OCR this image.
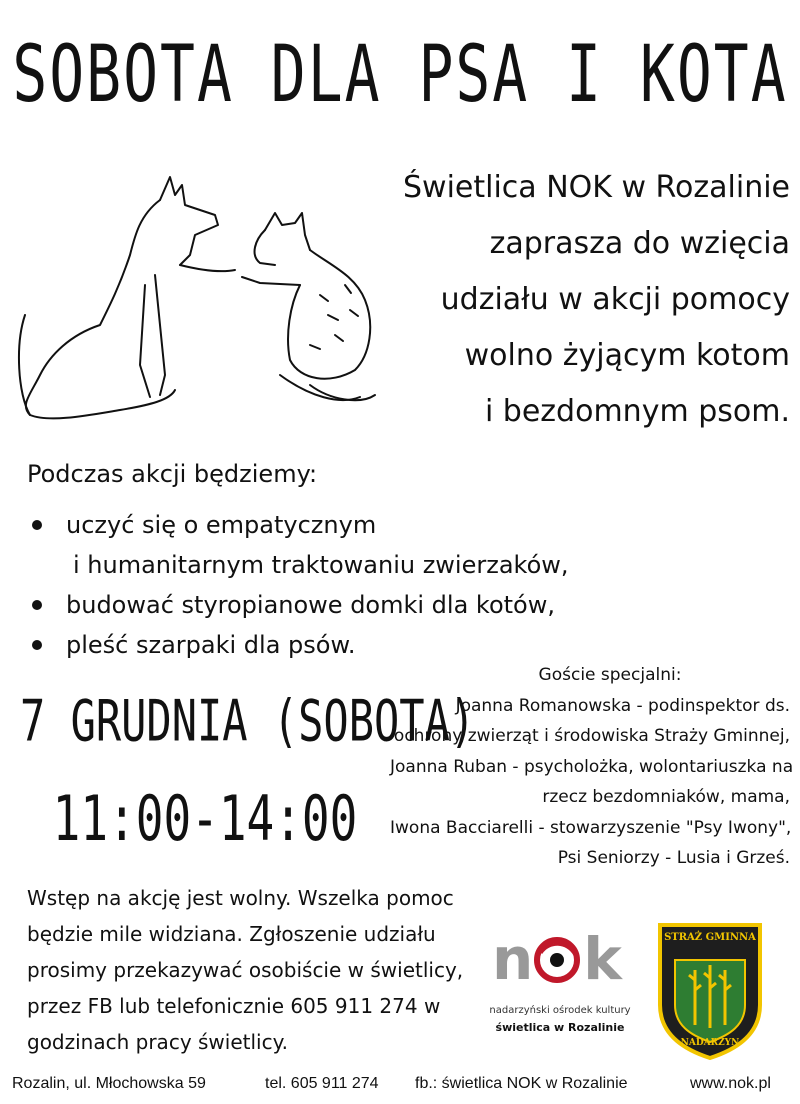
SOBOTA DLA PSA I KOTA
Świetlica NOK w Rozalinie
zaprasza do wzięcia
udziału w akcji pomocy
wolno żyjącym kotom
i bezdomnym psom.
Podczas akcji będziemy:
uczyć się o empatycznym
i humanitarnym traktowaniu zwierzaków,
budować styropianowe domki dla kotów,
pleść szarpaki dla psów.
7 GRUDNIA (SOBOTA)
11:00-14:00
Goście specjalni:
Joanna Romanowska - podinspektor ds.
ochrony zwierząt i środowiska Straży Gminnej,
Joanna Ruban - psycholożka, wolontariuszka na
rzecz bezdomniaków, mama,
Iwona Bacciarelli - stowarzyszenie "Psy Iwony",
Psi Seniorzy - Lusia i Grześ.
Wstęp na akcję jest wolny. Wszelka pomoc
będzie mile widziana. Zgłoszenie udziału
prosimy przekazywać osobiście w świetlicy,
przez FB lub telefonicznie 605 911 274 w
godzinach pracy świetlicy.
n k
nadarzyński ośrodek kultury
świetlica w Rozalinie
STRAŻ GMINNA
NADARZYN
Rozalin, ul. Młochowska 59	tel. 605 911 274 fb.: świetlica NOK w Rozalinie	www.nok.pl
